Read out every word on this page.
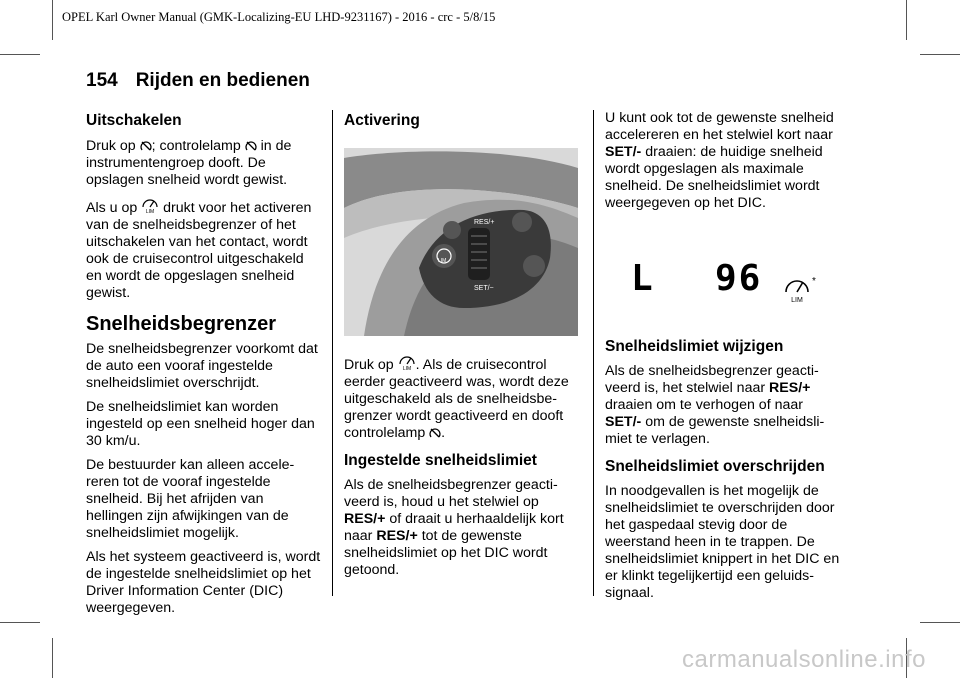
OPEL Karl Owner Manual (GMK-Localizing-EU LHD-9231167) - 2016 - crc - 5/8/15
154 Rijden en bedienen
Uitschakelen

Druk op ; controlelamp  in de instrumentengroep dooft. De opslagen snelheid wordt gewist.

Als u op LIM drukt voor het activeren van de snelheidsbegrenzer of het uitschakelen van het contact, wordt ook de cruisecontrol uitgeschakeld en wordt de opgeslagen snelheid gewist.

Snelheidsbegrenzer

De snelheidsbegrenzer voorkomt dat de auto een vooraf ingestelde snelheidslimiet overschrijdt.

De snelheidslimiet kan worden ingesteld op een snelheid hoger dan 30 km/u.

De bestuurder kan alleen accele-reren tot de vooraf ingestelde snelheid. Bij het afrijden van hellingen zijn afwijkingen van de snelheidslimiet mogelijk.

Als het systeem geactiveerd is, wordt de ingestelde snelheidslimiet op het Driver Information Center (DIC) weergegeven.

Activering
RES/+
SET/−
LIM

Druk op LIM . Als de cruisecontrol eerder geactiveerd was, wordt deze uitgeschakeld als de snelheidsbe-grenzer wordt geactiveerd en dooft controlelamp .

Ingestelde snelheidslimiet

Als de snelheidsbegrenzer geacti-veerd is, houd u het stelwiel op RES/+ of draait u herhaaldelijk kort naar RES/+ tot de gewenste snelheidslimiet op het DIC wordt getoond.

U kunt ook tot de gewenste snelheid accelereren en het stelwiel kort naar SET/- draaien: de huidige snelheid wordt opgeslagen als maximale snelheid. De snelheidslimiet wordt weergegeven op het DIC.

L 96
LIM
*
Snelheidslimiet wijzigen

Als de snelheidsbegrenzer geacti-veerd is, het stelwiel naar RES/+ draaien om te verhogen of naar SET/- om de gewenste snelheidsli-miet te verlagen.

Snelheidslimiet overschrijden

In noodgevallen is het mogelijk de snelheidslimiet te overschrijden door het gaspedaal stevig door de weerstand heen in te trappen. De snelheidslimiet knippert in het DIC en er klinkt tegelijkertijd een geluids-signaal.

carmanualsonline.info
